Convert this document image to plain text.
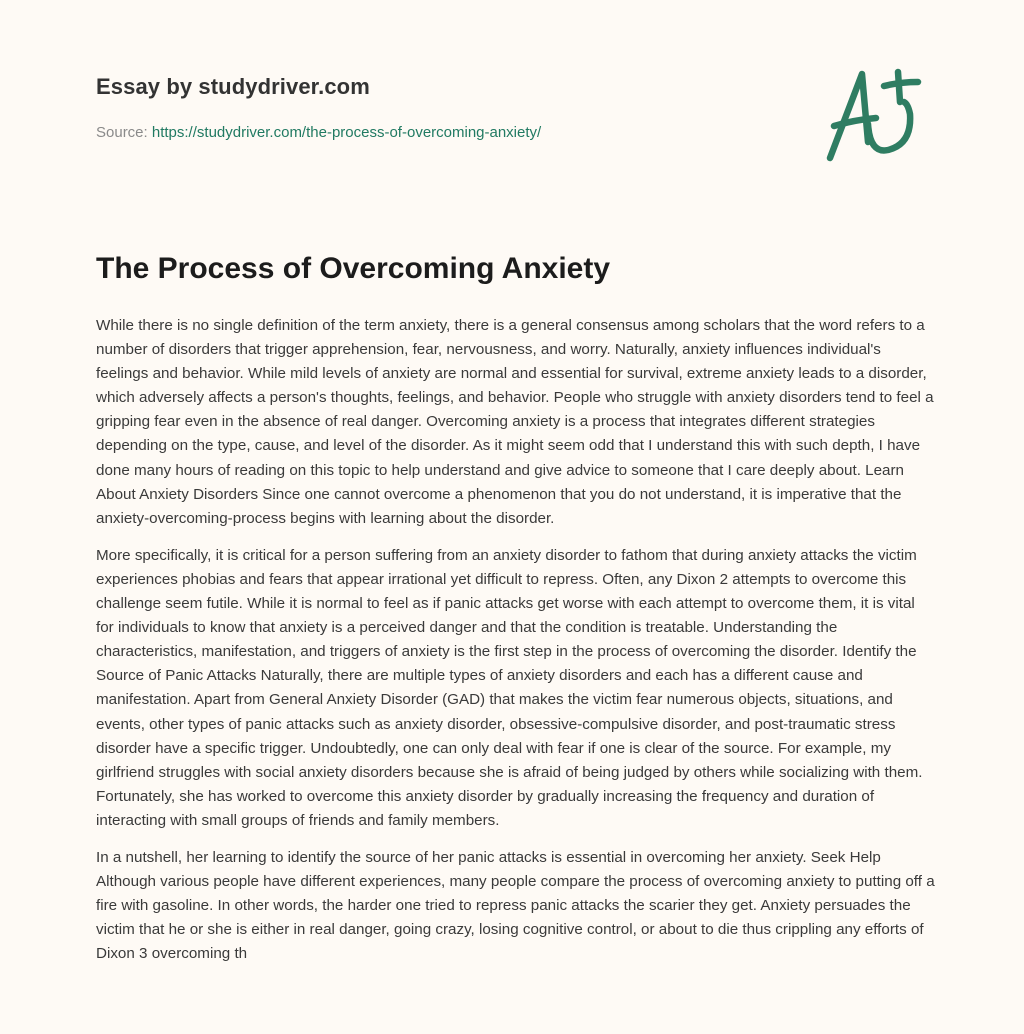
Essay by studydriver.com
Source: https://studydriver.com/the-process-of-overcoming-anxiety/
The Process of Overcoming Anxiety

While there is no single definition of the term anxiety, there is a general consensus among scholars that the word refers to a number of disorders that trigger apprehension, fear, nervousness, and worry. Naturally, anxiety influences individual's feelings and behavior. While mild levels of anxiety are normal and essential for survival, extreme anxiety leads to a disorder, which adversely affects a person's thoughts, feelings, and behavior. People who struggle with anxiety disorders tend to feel a gripping fear even in the absence of real danger. Overcoming anxiety is a process that integrates different strategies depending on the type, cause, and level of the disorder. As it might seem odd that I understand this with such depth, I have done many hours of reading on this topic to help understand and give advice to someone that I care deeply about. Learn About Anxiety Disorders Since one cannot overcome a phenomenon that you do not understand, it is imperative that the anxiety-overcoming-process begins with learning about the disorder.

More specifically, it is critical for a person suffering from an anxiety disorder to fathom that during anxiety attacks the victim experiences phobias and fears that appear irrational yet difficult to repress. Often, any Dixon 2 attempts to overcome this challenge seem futile. While it is normal to feel as if panic attacks get worse with each attempt to overcome them, it is vital for individuals to know that anxiety is a perceived danger and that the condition is treatable. Understanding the characteristics, manifestation, and triggers of anxiety is the first step in the process of overcoming the disorder. Identify the Source of Panic Attacks Naturally, there are multiple types of anxiety disorders and each has a different cause and manifestation. Apart from General Anxiety Disorder (GAD) that makes the victim fear numerous objects, situations, and events, other types of panic attacks such as anxiety disorder, obsessive-compulsive disorder, and post-traumatic stress disorder have a specific trigger. Undoubtedly, one can only deal with fear if one is clear of the source. For example, my girlfriend struggles with social anxiety disorders because she is afraid of being judged by others while socializing with them. Fortunately, she has worked to overcome this anxiety disorder by gradually increasing the frequency and duration of interacting with small groups of friends and family members.

In a nutshell, her learning to identify the source of her panic attacks is essential in overcoming her anxiety. Seek Help Although various people have different experiences, many people compare the process of overcoming anxiety to putting off a fire with gasoline. In other words, the harder one tried to repress panic attacks the scarier they get. Anxiety persuades the victim that he or she is either in real danger, going crazy, losing cognitive control, or about to die thus crippling any efforts of Dixon 3 overcoming th
